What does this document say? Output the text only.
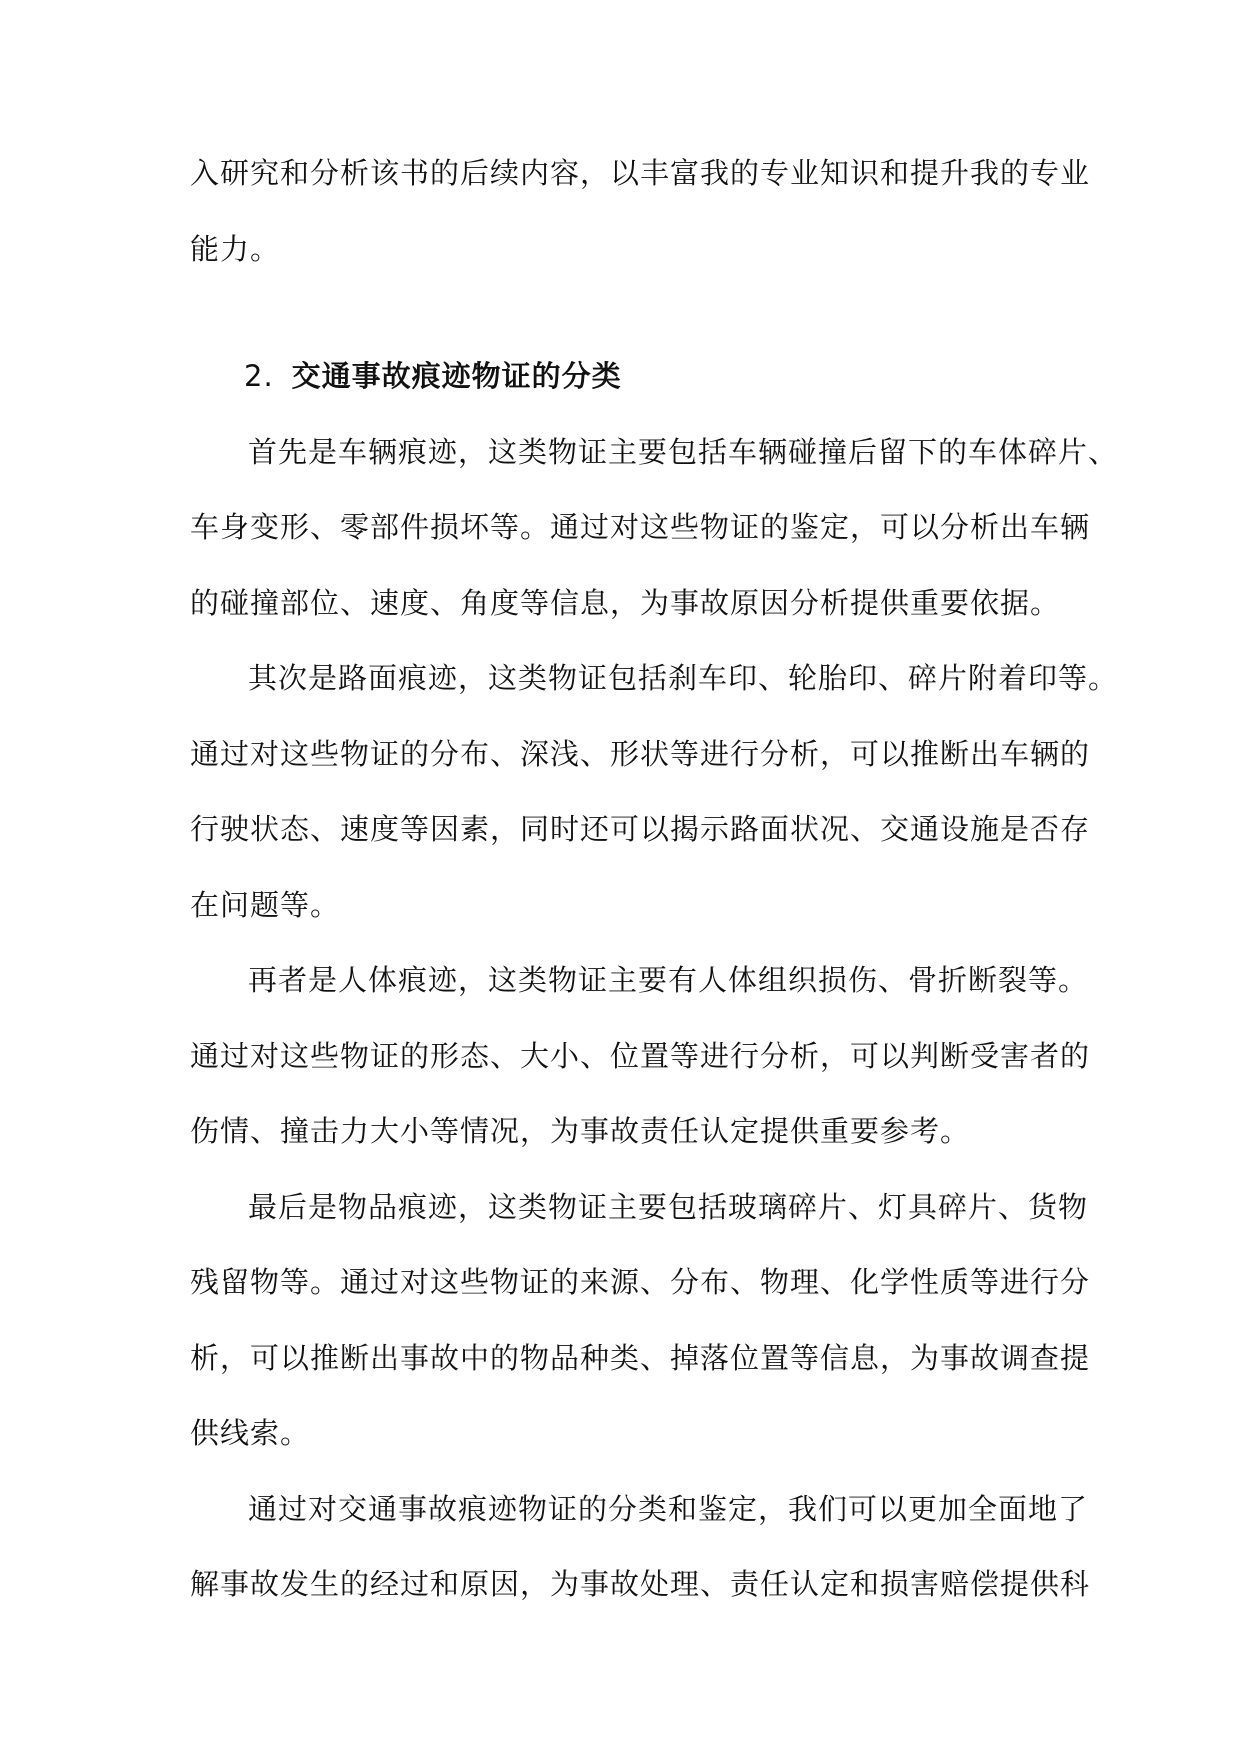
入研究和分析该书的后续内容，以丰富我的专业知识和提升我的专业
能力。
2. 交通事故痕迹物证的分类
首先是车辆痕迹，这类物证主要包括车辆碰撞后留下的车体碎片、
车身变形、零部件损坏等。通过对这些物证的鉴定，可以分析出车辆
的碰撞部位、速度、角度等信息，为事故原因分析提供重要依据。
其次是路面痕迹，这类物证包括刹车印、轮胎印、碎片附着印等。
通过对这些物证的分布、深浅、形状等进行分析，可以推断出车辆的
行驶状态、速度等因素，同时还可以揭示路面状况、交通设施是否存
在问题等。
再者是人体痕迹，这类物证主要有人体组织损伤、骨折断裂等。
通过对这些物证的形态、大小、位置等进行分析，可以判断受害者的
伤情、撞击力大小等情况，为事故责任认定提供重要参考。
最后是物品痕迹，这类物证主要包括玻璃碎片、灯具碎片、货物
残留物等。通过对这些物证的来源、分布、物理、化学性质等进行分
析，可以推断出事故中的物品种类、掉落位置等信息，为事故调查提
供线索。
通过对交通事故痕迹物证的分类和鉴定，我们可以更加全面地了
解事故发生的经过和原因，为事故处理、责任认定和损害赔偿提供科
